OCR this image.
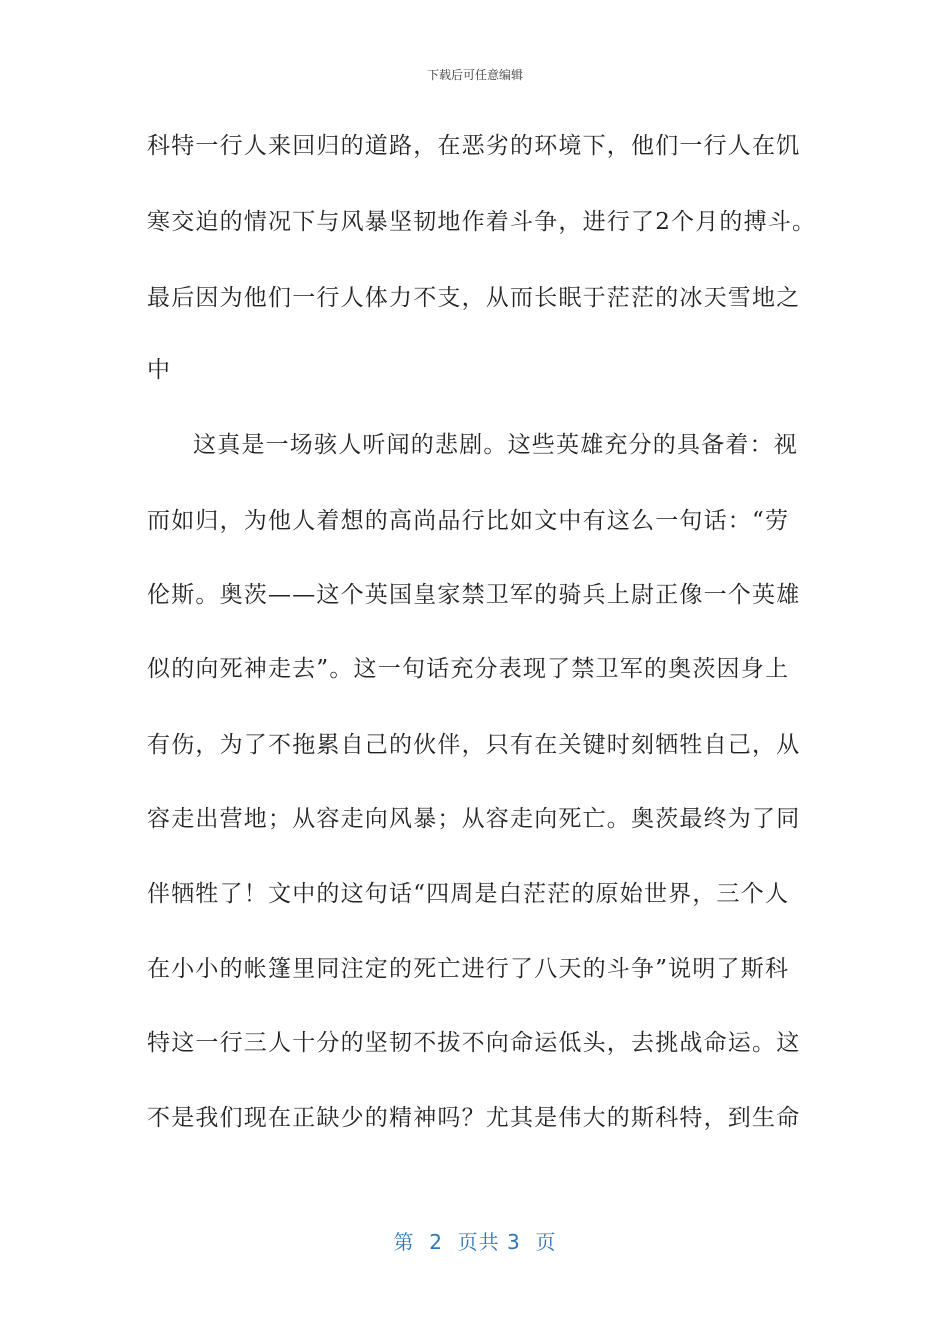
下载后可任意编辑
科特一行人来回归的道路，在恶劣的环境下，他们一行人在饥
寒交迫的情况下与风暴坚韧地作着斗争，进行了2个月的搏斗。
最后因为他们一行人体力不支，从而长眠于茫茫的冰天雪地之
中
这真是一场骇人听闻的悲剧。这些英雄充分的具备着：视
而如归，为他人着想的高尚品行比如文中有这么一句话：“劳
伦斯。奥茨——这个英国皇家禁卫军的骑兵上尉正像一个英雄
似的向死神走去”。这一句话充分表现了禁卫军的奥茨因身上
有伤，为了不拖累自己的伙伴，只有在关键时刻牺牲自己，从
容走出营地；从容走向风暴；从容走向死亡。奥茨最终为了同
伴牺牲了！文中的这句话“四周是白茫茫的原始世界，三个人
在小小的帐篷里同注定的死亡进行了八天的斗争”说明了斯科
特这一行三人十分的坚韧不拔不向命运低头，去挑战命运。这
不是我们现在正缺少的精神吗？尤其是伟大的斯科特，到生命
第  2  页共 3  页
